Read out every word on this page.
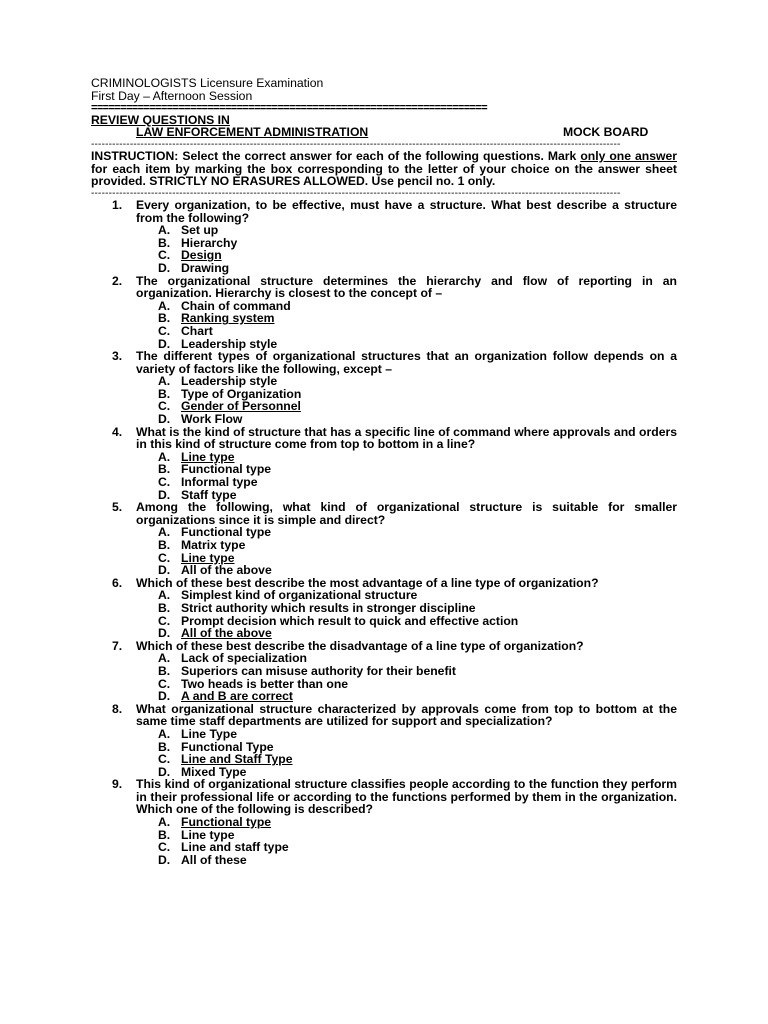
CRIMINOLOGISTS Licensure Examination
First Day – Afternoon Session
====================================================================
REVIEW QUESTIONS IN
LAW ENFORCEMENT ADMINISTRATION	MOCK BOARD
------------------------------------------------------------------------------------------------------------------------------------------------------
INSTRUCTION: Select the correct answer for each of the following questions. Mark only one answer for each item by marking the box corresponding to the letter of your choice on the answer sheet provided. STRICTLY NO ERASURES ALLOWED. Use pencil no. 1 only.
------------------------------------------------------------------------------------------------------------------------------------------------------
1. Every organization, to be effective, must have a structure. What best describe a structure from the following?
A. Set up
B. Hierarchy
C. Design
D. Drawing
2. The organizational structure determines the hierarchy and flow of reporting in an organization. Hierarchy is closest to the concept of –
A. Chain of command
B. Ranking system
C. Chart
D. Leadership style
3. The different types of organizational structures that an organization follow depends on a variety of factors like the following, except –
A. Leadership style
B. Type of Organization
C. Gender of Personnel
D. Work Flow
4. What is the kind of structure that has a specific line of command where approvals and orders in this kind of structure come from top to bottom in a line?
A. Line type
B. Functional type
C. Informal type
D. Staff type
5. Among the following, what kind of organizational structure is suitable for smaller organizations since it is simple and direct?
A. Functional type
B. Matrix type
C. Line type
D. All of the above
6. Which of these best describe the most advantage of a line type of organization?
A. Simplest kind of organizational structure
B. Strict authority which results in stronger discipline
C. Prompt decision which result to quick and effective action
D. All of the above
7. Which of these best describe the disadvantage of a line type of organization?
A. Lack of specialization
B. Superiors can misuse authority for their benefit
C. Two heads is better than one
D. A and B are correct
8. What organizational structure characterized by approvals come from top to bottom at the same time staff departments are utilized for support and specialization?
A. Line Type
B. Functional Type
C. Line and Staff Type
D. Mixed Type
9. This kind of organizational structure classifies people according to the function they perform in their professional life or according to the functions performed by them in the organization. Which one of the following is described?
A. Functional type
B. Line type
C. Line and staff type
D. All of these
